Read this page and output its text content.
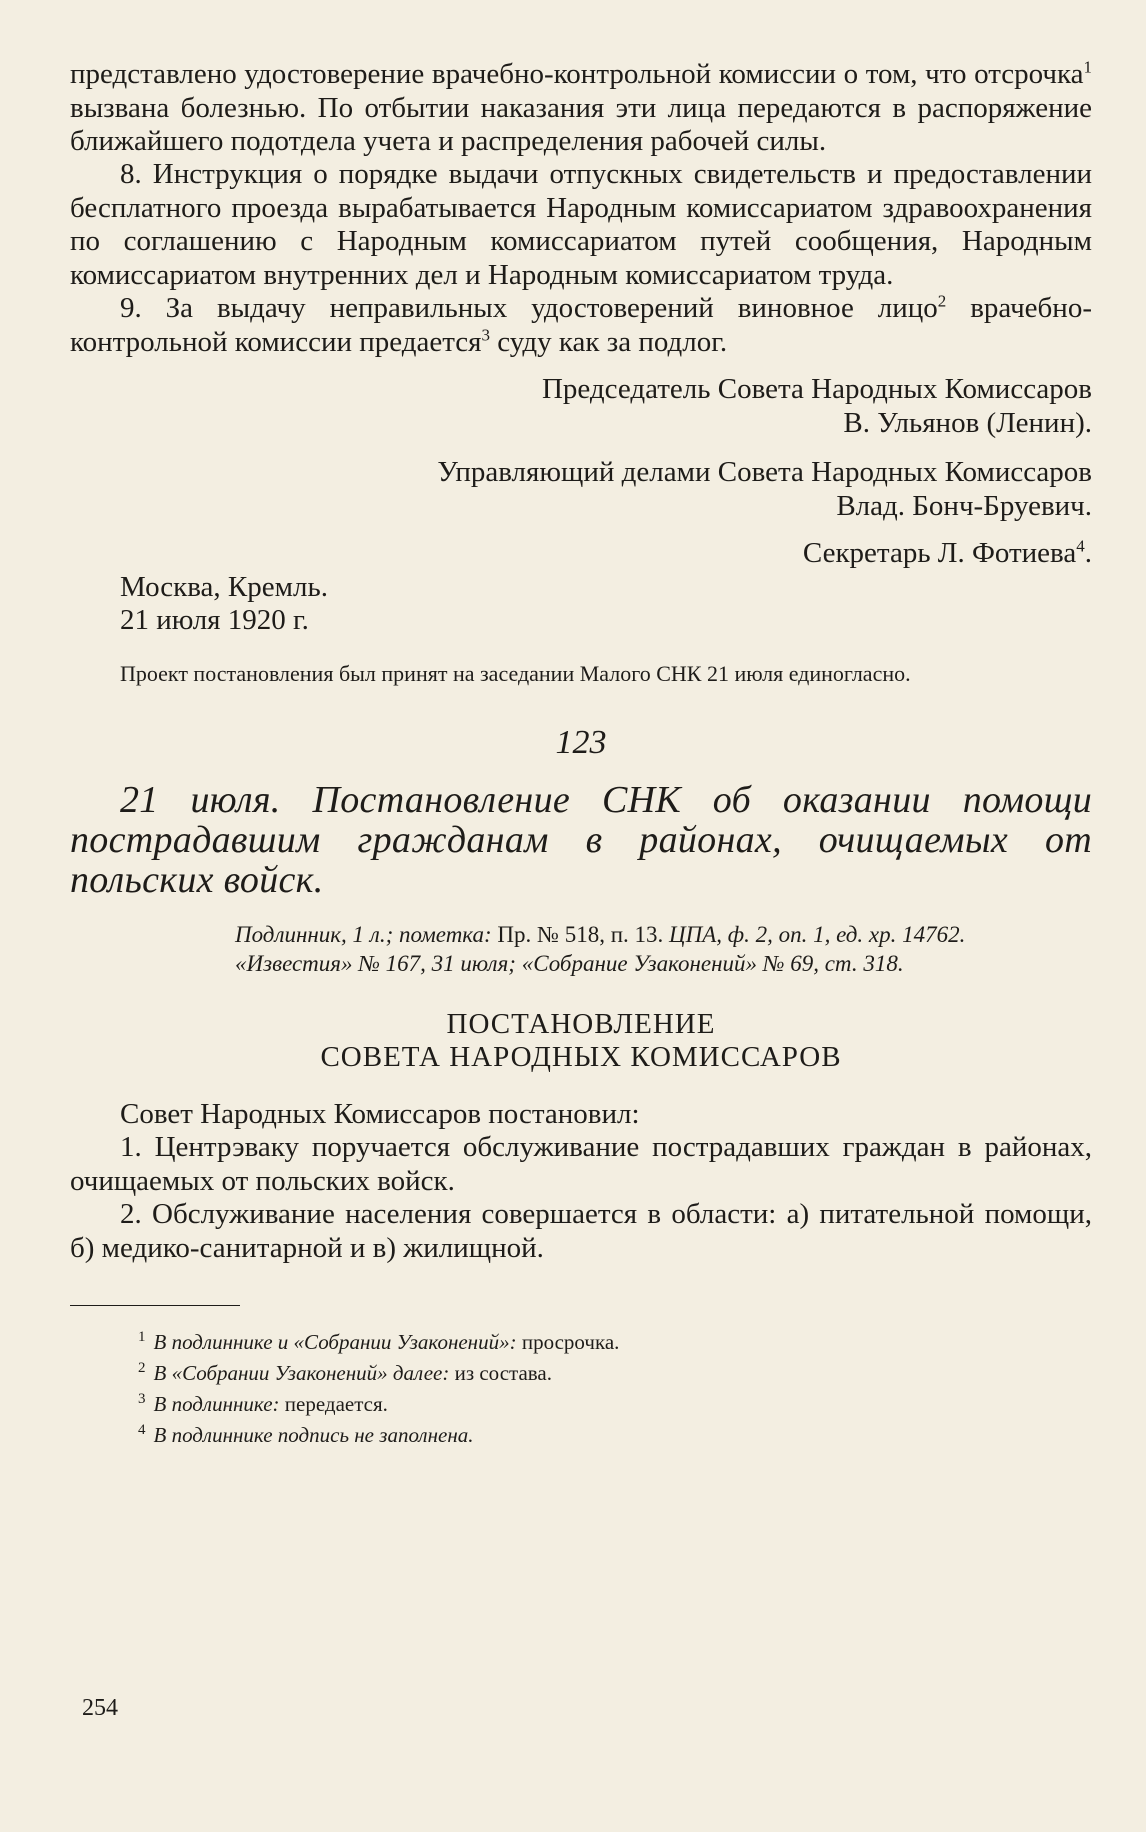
представлено удостоверение врачебно-контрольной комиссии о том, что отсрочка$^1$ вызвана болезнью. По отбытии наказания эти лица передаются в распоряжение ближайшего подотдела учета и распределения рабочей силы.

8. Инструкция о порядке выдачи отпускных свидетельств и предоставлении бесплатного проезда вырабатывается Народным комиссариатом здравоохранения по соглашению с Народным комиссариатом путей сообщения, Народным комиссариатом внутренних дел и Народным комиссариатом труда.

9. За выдачу неправильных удостоверений виновное лицо$^2$ врачебно-контрольной комиссии предается$^3$ суду как за подлог.

Председатель Совета Народных Комиссаров

В. Ульянов (Ленин).

Управляющий делами Совета Народных Комиссаров

Влад. Бонч-Бруевич.

Секретарь Л. Фотиева$^4$.

Москва, Кремль.

21 июля 1920 г.

Проект постановления был принят на заседании Малого СНК 21 июля единогласно.

123

21 июля. Постановление СНК об оказании помощи пострадавшим гражданам в районах, очищаемых от польских войск.

Подлинник, 1 л.; пометка: Пр. № 518, п. 13. ЦПА, ф. 2, оп. 1, ед. хр. 14762.

«Известия» № 167, 31 июля; «Собрание Узаконений» № 69, ст. 318.

ПОСТАНОВЛЕНИЕ

СОВЕТА НАРОДНЫХ КОМИССАРОВ

Совет Народных Комиссаров постановил:

1. Центрэваку поручается обслуживание пострадавших граждан в районах, очищаемых от польских войск.

2. Обслуживание населения совершается в области: а) питательной помощи, б) медико-санитарной и в) жилищной.

$^1$ В подлиннике и «Собрании Узаконений»: просрочка.

$^2$ В «Собрании Узаконений» далее: из состава.

$^3$ В подлиннике: передается.

$^4$ В подлиннике подпись не заполнена.

254
